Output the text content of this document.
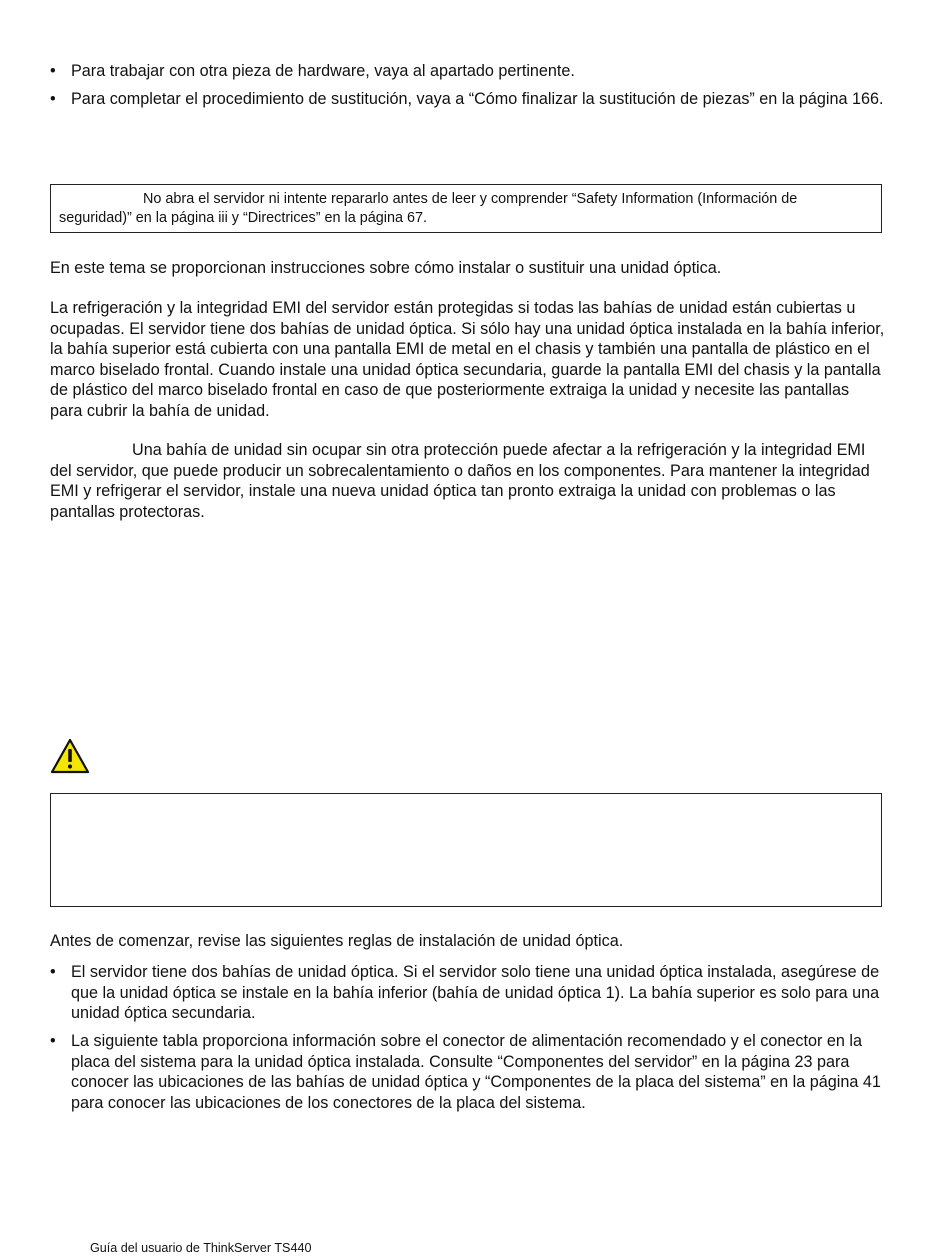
• Para trabajar con otra pieza de hardware, vaya al apartado pertinente.
• Para completar el procedimiento de sustitución, vaya a “Cómo finalizar la sustitución de piezas” en la página 166.
No abra el servidor ni intente repararlo antes de leer y comprender “Safety Information (Información de seguridad)” en la página iii y “Directrices” en la página 67.

En este tema se proporcionan instrucciones sobre cómo instalar o sustituir una unidad óptica.

La refrigeración y la integridad EMI del servidor están protegidas si todas las bahías de unidad están cubiertas u ocupadas. El servidor tiene dos bahías de unidad óptica. Si sólo hay una unidad óptica instalada en la bahía inferior, la bahía superior está cubierta con una pantalla EMI de metal en el chasis y también una pantalla de plástico en el marco biselado frontal. Cuando instale una unidad óptica secundaria, guarde la pantalla EMI del chasis y la pantalla de plástico del marco biselado frontal en caso de que posteriormente extraiga la unidad y necesite las pantallas para cubrir la bahía de unidad.

Una bahía de unidad sin ocupar sin otra protección puede afectar a la refrigeración y la integridad EMI del servidor, que puede producir un sobrecalentamiento o daños en los componentes. Para mantener la integridad EMI y refrigerar el servidor, instale una nueva unidad óptica tan pronto extraiga la unidad con problemas o las pantallas protectoras.

Antes de comenzar, revise las siguientes reglas de instalación de unidad óptica.

• El servidor tiene dos bahías de unidad óptica. Si el servidor solo tiene una unidad óptica instalada, asegúrese de que la unidad óptica se instale en la bahía inferior (bahía de unidad óptica 1). La bahía superior es solo para una unidad óptica secundaria.
• La siguiente tabla proporciona información sobre el conector de alimentación recomendado y el conector en la placa del sistema para la unidad óptica instalada. Consulte “Componentes del servidor” en la página 23 para conocer las ubicaciones de las bahías de unidad óptica y “Componentes de la placa del sistema” en la página 41 para conocer las ubicaciones de los conectores de la placa del sistema.
Guía del usuario de ThinkServer TS440
